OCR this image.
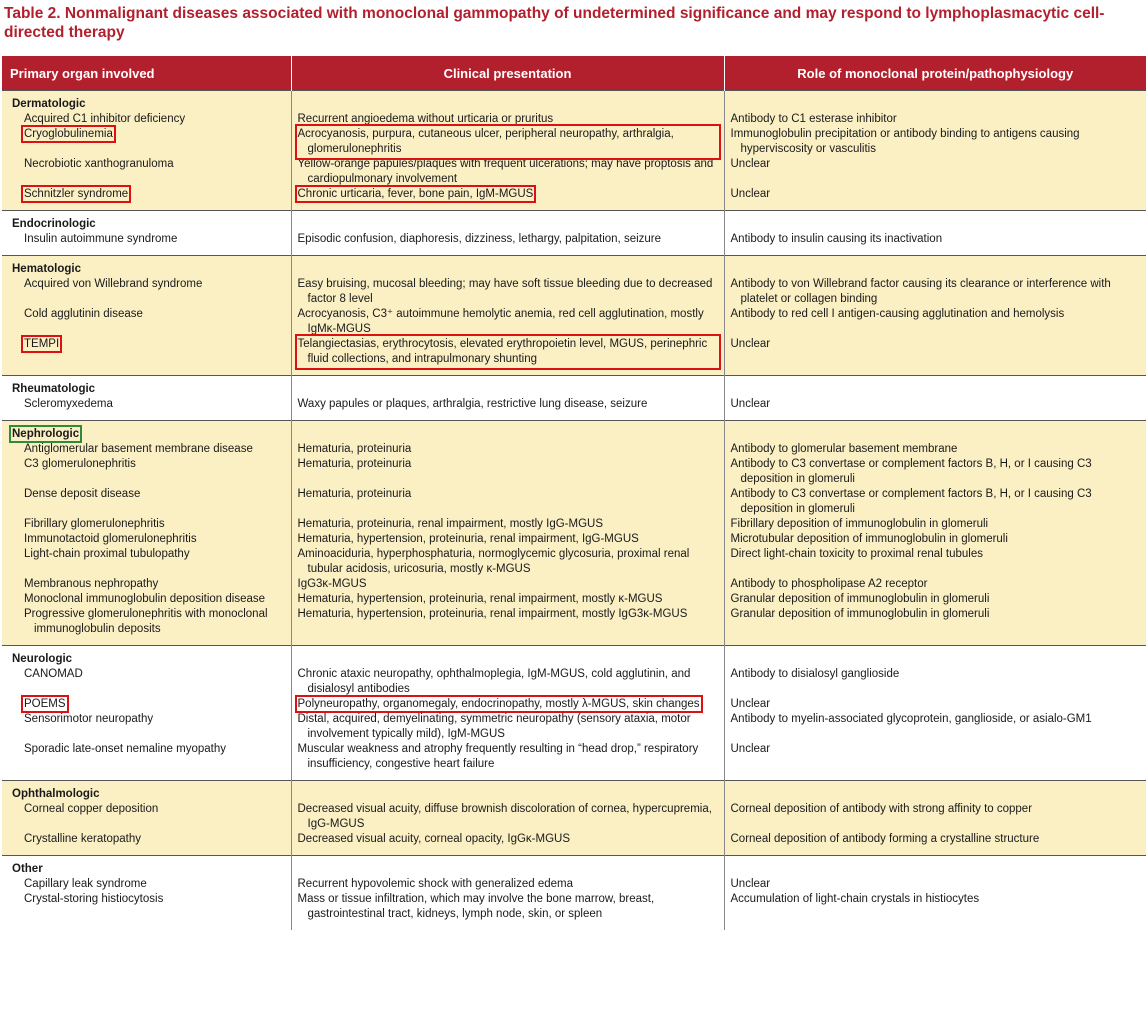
Table 2. Nonmalignant diseases associated with monoclonal gammopathy of undetermined significance and may respond to lymphoplasmacytic cell-directed therapy
Primary organ involved	Clinical presentation	Role of monoclonal protein/pathophysiology
Dermatologic		

Acquired C1 inhibitor deficiency	Recurrent angioedema without urticaria or pruritus	Antibody to C1 esterase inhibitor

Cryoglobulinemia	Acrocyanosis, purpura, cutaneous ulcer, peripheral neuropathy, arthralgia, glomerulonephritis	Immunoglobulin precipitation or antibody binding to antigens causing hyperviscosity or vasculitis

Necrobiotic xanthogranuloma	Yellow-orange papules/plaques with frequent ulcerations; may have proptosis and cardiopulmonary involvement	Unclear

Schnitzler syndrome	Chronic urticaria, fever, bone pain, IgM-MGUS	Unclear

Endocrinologic		

Insulin autoimmune syndrome	Episodic confusion, diaphoresis, dizziness, lethargy, palpitation, seizure	Antibody to insulin causing its inactivation

Hematologic		

Acquired von Willebrand syndrome	Easy bruising, mucosal bleeding; may have soft tissue bleeding due to decreased factor 8 level	Antibody to von Willebrand factor causing its clearance or interference with platelet or collagen binding

Cold agglutinin disease	Acrocyanosis, C3⁺ autoimmune hemolytic anemia, red cell agglutination, mostly IgMκ-MGUS	Antibody to red cell I antigen-causing agglutination and hemolysis

TEMPI	Telangiectasias, erythrocytosis, elevated erythropoietin level, MGUS, perinephric fluid collections, and intrapulmonary shunting	Unclear

Rheumatologic		

Scleromyxedema	Waxy papules or plaques, arthralgia, restrictive lung disease, seizure	Unclear

Nephrologic		

Antiglomerular basement membrane disease	Hematuria, proteinuria	Antibody to glomerular basement membrane

C3 glomerulonephritis	Hematuria, proteinuria	Antibody to C3 convertase or complement factors B, H, or I causing C3 deposition in glomeruli

Dense deposit disease	Hematuria, proteinuria	Antibody to C3 convertase or complement factors B, H, or I causing C3 deposition in glomeruli

Fibrillary glomerulonephritis	Hematuria, proteinuria, renal impairment, mostly IgG-MGUS	Fibrillary deposition of immunoglobulin in glomeruli

Immunotactoid glomerulonephritis	Hematuria, hypertension, proteinuria, renal impairment, IgG-MGUS	Microtubular deposition of immunoglobulin in glomeruli

Light-chain proximal tubulopathy	Aminoaciduria, hyperphosphaturia, normoglycemic glycosuria, proximal renal tubular acidosis, uricosuria, mostly κ-MGUS	Direct light-chain toxicity to proximal renal tubules

Membranous nephropathy	IgG3κ-MGUS	Antibody to phospholipase A2 receptor

Monoclonal immunoglobulin deposition disease	Hematuria, hypertension, proteinuria, renal impairment, mostly κ-MGUS	Granular deposition of immunoglobulin in glomeruli

Progressive glomerulonephritis with monoclonal immunoglobulin deposits	Hematuria, hypertension, proteinuria, renal impairment, mostly IgG3κ-MGUS	Granular deposition of immunoglobulin in glomeruli

Neurologic		

CANOMAD	Chronic ataxic neuropathy, ophthalmoplegia, IgM-MGUS, cold agglutinin, and disialosyl antibodies	Antibody to disialosyl ganglioside

POEMS	Polyneuropathy, organomegaly, endocrinopathy, mostly λ-MGUS, skin changes	Unclear

Sensorimotor neuropathy	Distal, acquired, demyelinating, symmetric neuropathy (sensory ataxia, motor involvement typically mild), IgM-MGUS	Antibody to myelin-associated glycoprotein, ganglioside, or asialo-GM1

Sporadic late-onset nemaline myopathy	Muscular weakness and atrophy frequently resulting in “head drop,” respiratory insufficiency, congestive heart failure	Unclear

Ophthalmologic		

Corneal copper deposition	Decreased visual acuity, diffuse brownish discoloration of cornea, hypercupremia, IgG-MGUS	Corneal deposition of antibody with strong affinity to copper

Crystalline keratopathy	Decreased visual acuity, corneal opacity, IgGκ-MGUS	Corneal deposition of antibody forming a crystalline structure

Other		

Capillary leak syndrome	Recurrent hypovolemic shock with generalized edema	Unclear

Crystal-storing histiocytosis	Mass or tissue infiltration, which may involve the bone marrow, breast, gastrointestinal tract, kidneys, lymph node, skin, or spleen	Accumulation of light-chain crystals in histiocytes
